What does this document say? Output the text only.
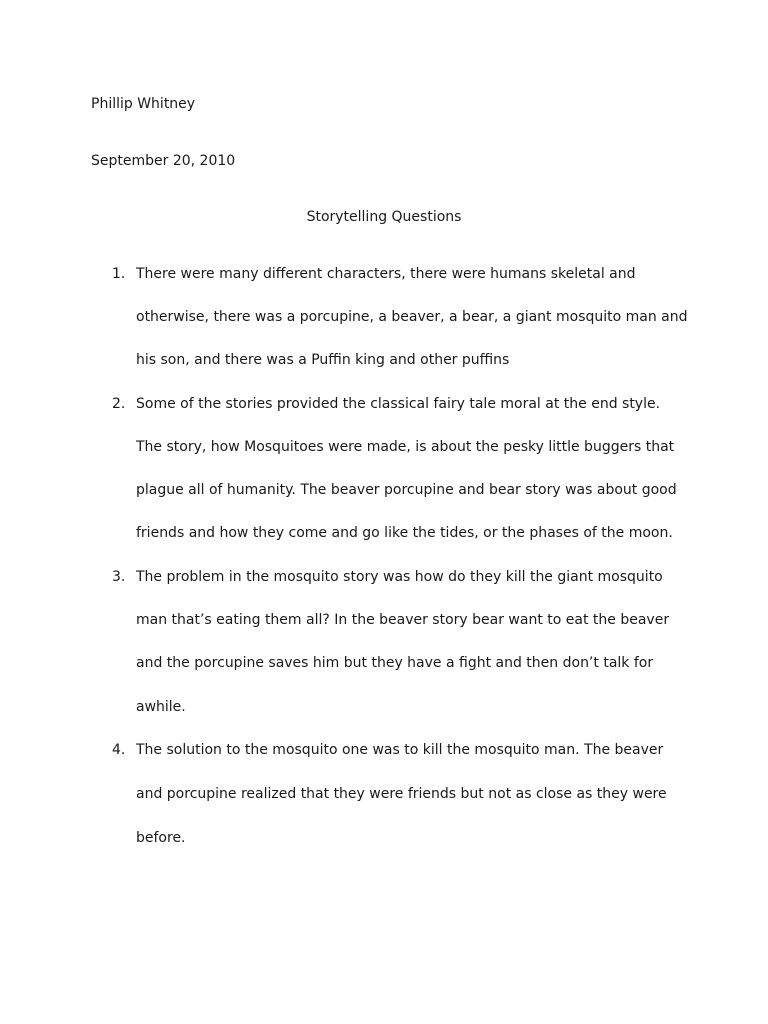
Phillip Whitney
September 20, 2010
Storytelling Questions
1. There were many different characters, there were humans skeletal and
otherwise, there was a porcupine, a beaver, a bear, a giant mosquito man and
his son, and there was a Puffin king and other puffins
2. Some of the stories provided the classical fairy tale moral at the end style.
The story, how Mosquitoes were made, is about the pesky little buggers that
plague all of humanity. The beaver porcupine and bear story was about good
friends and how they come and go like the tides, or the phases of the moon.
3. The problem in the mosquito story was how do they kill the giant mosquito
man that’s eating them all? In the beaver story bear want to eat the beaver
and the porcupine saves him but they have a fight and then don’t talk for
awhile.
4. The solution to the mosquito one was to kill the mosquito man. The beaver
and porcupine realized that they were friends but not as close as they were
before.
